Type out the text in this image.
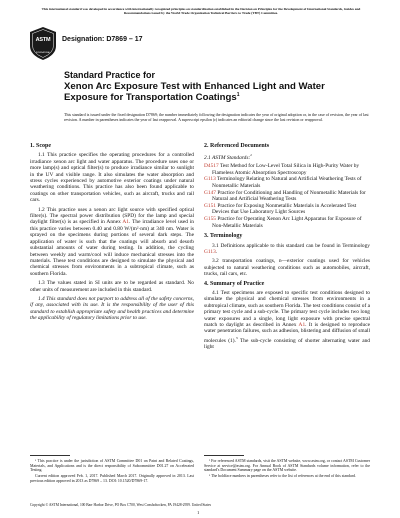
This international standard was developed in accordance with internationally recognized principles on standardization established in the Decision on Principles for the Development of International Standards, Guides and Recommendations issued by the World Trade Organization Technical Barriers to Trade (TBT) Committee.
ASTM
INTERNATIONAL
Designation: D7869 – 17
Standard Practice for
Xenon Arc Exposure Test with Enhanced Light and Water
Exposure for Transportation Coatings$^1$
This standard is issued under the fixed designation D7869; the number immediately following the designation indicates the year of original adoption or, in the case of revision, the year of last revision. A number in parentheses indicates the year of last reapproval. A superscript epsilon (ε) indicates an editorial change since the last revision or reapproval.
1. Scope

1.1 This practice specifies the operating procedures for a controlled irradiance xenon arc light and water apparatus. The procedure uses one or more lamp(s) and optical filter(s) to produce irradiance similar to sunlight in the UV and visible range. It also simulates the water absorption and stress cycles experienced by automotive exterior coatings under natural weathering conditions. This practice has also been found applicable to coatings on other transportation vehicles, such as aircraft, trucks and rail cars.

1.2 This practice uses a xenon arc light source with specified optical filter(s). The spectral power distribution (SPD) for the lamp and special daylight filter(s) is as specified in Annex A1. The irradiance level used in this practice varies between 0.40 and 0.80 W/(m²·nm) at 340 nm. Water is sprayed on the specimens during portions of several dark steps. The application of water is such that the coatings will absorb and desorb substantial amounts of water during testing. In addition, the cycling between weekly and warm/cool will induce mechanical stresses into the materials. These test conditions are designed to simulate the physical and chemical stresses from environments in a subtropical climate, such as southern Florida.

1.3 The values stated in SI units are to be regarded as standard. No other units of measurement are included in this standard.

1.4 This standard does not purport to address all of the safety concerns, if any, associated with its use. It is the responsibility of the user of this standard to establish appropriate safety and health practices and determine the applicability of regulatory limitations prior to use.

2. Referenced Documents
2.1 ASTM Standards:$^2$
D4517 Test Method for Low-Level Total Silica in High-Purity Water by Flameless Atomic Absorption Spectroscopy
G113 Terminology Relating to Natural and Artificial Weathering Tests of Nonmetallic Materials
G147 Practice for Conditioning and Handling of Nonmetallic Materials for Natural and Artificial Weathering Tests
G151 Practice for Exposing Nonmetallic Materials in Accelerated Test Devices that Use Laboratory Light Sources
G155 Practice for Operating Xenon Arc Light Apparatus for Exposure of Non-Metallic Materials
3. Terminology

3.1 Definitions applicable to this standard can be found in Terminology G113.

3.2 transportation coatings, n—exterior coatings used for vehicles subjected to natural weathering conditions such as automobiles, aircraft, trucks, rail cars, etc.

4. Summary of Practice

4.1 Test specimens are exposed to specific test conditions designed to simulate the physical and chemical stresses from environments in a subtropical climate, such as southern Florida. The test conditions consist of a primary test cycle and a sub-cycle. The primary test cycle includes two long water exposures and a single, long light exposure with precise spectral match to daylight as described in Annex A1. It is designed to reproduce water penetration failures, such as adhesion, blistering and diffusion of small molecules (1).$^3$ The sub-cycle consisting of shorter alternating water and light

¹ This practice is under the jurisdiction of ASTM Committee D01 on Paint and Related Coatings, Materials, and Applications and is the direct responsibility of Subcommittee D01.27 on Accelerated Testing.

Current edition approved Feb. 1, 2017. Published March 2017. Originally approved in 2013. Last previous edition approved in 2013 as D7869 – 13. DOI: 10.1520/D7869-17.

² For referenced ASTM standards, visit the ASTM website, www.astm.org, or contact ASTM Customer Service at service@astm.org. For Annual Book of ASTM Standards volume information, refer to the standard's Document Summary page on the ASTM website.

³ The boldface numbers in parentheses refer to the list of references at the end of this standard.

Copyright © ASTM International, 100 Barr Harbor Drive, PO Box C700, West Conshohocken, PA 19428-2959. United States
1
